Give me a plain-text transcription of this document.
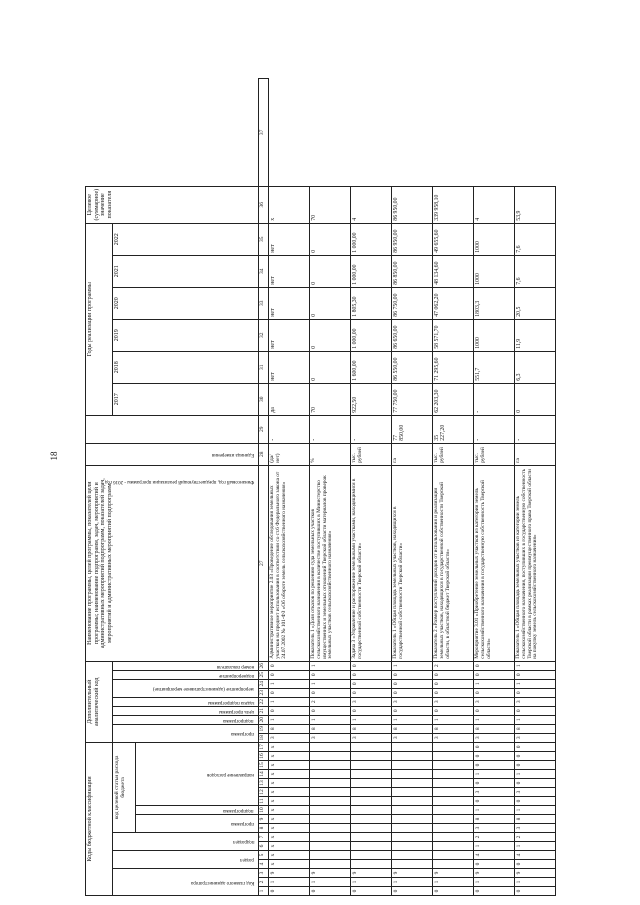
18
Коды бюджетной классификации																	Дополнительный аналитический код									Наименование программы, целей программы, показателей цели программы; наименование подпрограмм, задач, мероприятий и административных мероприятий подпрограмм, показателей задач, мероприятий и административных мероприятий подпрограмм	Единица измерения	Финансовый год, предшествующий реализации программы - 2016 год	Годы реализации программы						Целевое (суммарное) значение показателя	

Код главного администратора			раздел		подраздел		код целевой статьи расхода бюджета										программа		подпрограмма	цель программы	задача подпрограммы	мероприятие (административное мероприятие)		подмероприятие	номер показателя				2017	2018	2019	2020	2021	2022		

							программа		подпрограмма	направление расходов																										

1	2	3	4	5	6	7	8	9	10	11	12	13	14	15	16	17	18	19	20	21	22	23	24	25	26	27	28	29	30	31	32	33	34	35	36	37
0	1	9	х	х	х	х	х	х	х	х	х	х	х	х	х	х	3	8	1	0	1	0	1	0	0	Административное мероприятие 2.03 «Проведение обследования земельных участков на предмет использования в соответствии со ст.6 Федерального закона от 24.07.2002 № 101-ФЗ «Об обороте земель сельскохозяйственного назначения»	(да/нет)	-	да	нет	нет	нет	нет	нет	х	
0	1	9															3	8	1	0	2	0	1	0	1	Показатель 1 «Доля отказов по решению суда земельных участков сельскохозяйственного назначения в количестве поступивших в Министерство имущественных и земельных отношений Тверской области материалов проверок земельных участков сельскохозяйственного назначения»	%	-	70	0	0	0	0	0	70	
0	1	9															3	8	1	0	3	0	0	0	0	Задача 3 «Управление и распоряжение земельными участками, находящимися в государственной собственности Тверской области»	тыс. рублей	-	922,50	1 600,00	1 000,00	1 805,30	1 000,00	1 000,00	4	
0	1	9															3	8	1	0	3	0	0	0	1	Показатель 1 «Общая площадь земельных участков, находящихся в государственной собственности Тверской области»	га	77 850,00	77 750,00	86 550,00	86 650,00	86 750,00	86 850,00	86 950,00	86 950,00	
0	1	9															3	8	1	0	3	0	0	0	2	Показатель 2 «Размер поступлений доходов от использования и реализации земельных участков, находящихся в государственной собственности Тверской области, в областной бюджет Тверской области»	тыс. рублей	35 227,20	62 203,30	71 295,60	58 571,70	47 062,20	48 134,60	49 655,60	339 958,10	
0	1	9	0	4	1	2	3	8	1	0	3	0	1	0	0	0	3	8	1	0	3	0	1	0	0	Мероприятие 3.01 «Приобретение земельных участков из категории земель сельскохозяйственного назначения в государственную собственность Тверской области»	тыс. рублей	-	-	551,7	1000	1803,3	1000	1000	4	
0	1	9	0	4	1	2	3	8	1	0	3	0	1	0	0	0	3	8	1	0	3	0	1	0	1	Показатель 1 «Общая площадь земельных участков из категории земель сельскохозяйственного назначения, поступивших в государственную собственность Тверской области в рамках реализации преимущественного права Тверской области на покупку земель сельскохозяйственного назначения»	га	-	0	6,3	11,9	20,5	7,6	7,6	53,9	
